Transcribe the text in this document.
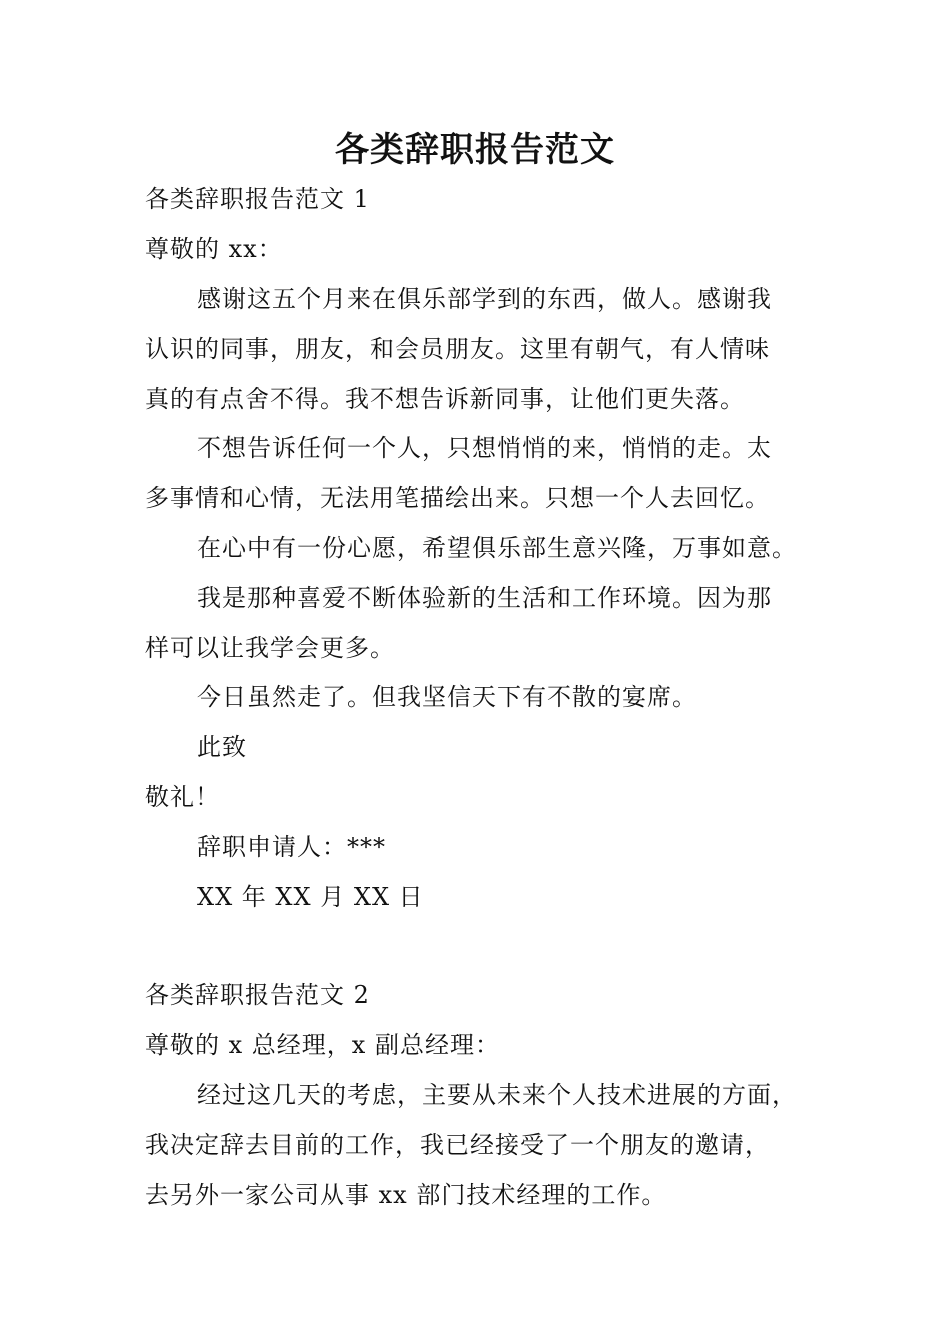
各类辞职报告范文
各类辞职报告范文 1
尊敬的 xx：
感谢这五个月来在俱乐部学到的东西，做人。感谢我
认识的同事，朋友，和会员朋友。这里有朝气，有人情味
真的有点舍不得。我不想告诉新同事，让他们更失落。
不想告诉任何一个人，只想悄悄的来，悄悄的走。太
多事情和心情，无法用笔描绘出来。只想一个人去回忆。
在心中有一份心愿，希望俱乐部生意兴隆，万事如意。
我是那种喜爱不断体验新的生活和工作环境。因为那
样可以让我学会更多。
今日虽然走了。但我坚信天下有不散的宴席。
此致
敬礼！
辞职申请人：***
XX 年 XX 月 XX 日
各类辞职报告范文 2
尊敬的 x 总经理，x 副总经理：
经过这几天的考虑，主要从未来个人技术进展的方面，
我决定辞去目前的工作，我已经接受了一个朋友的邀请，
去另外一家公司从事 xx 部门技术经理的工作。
